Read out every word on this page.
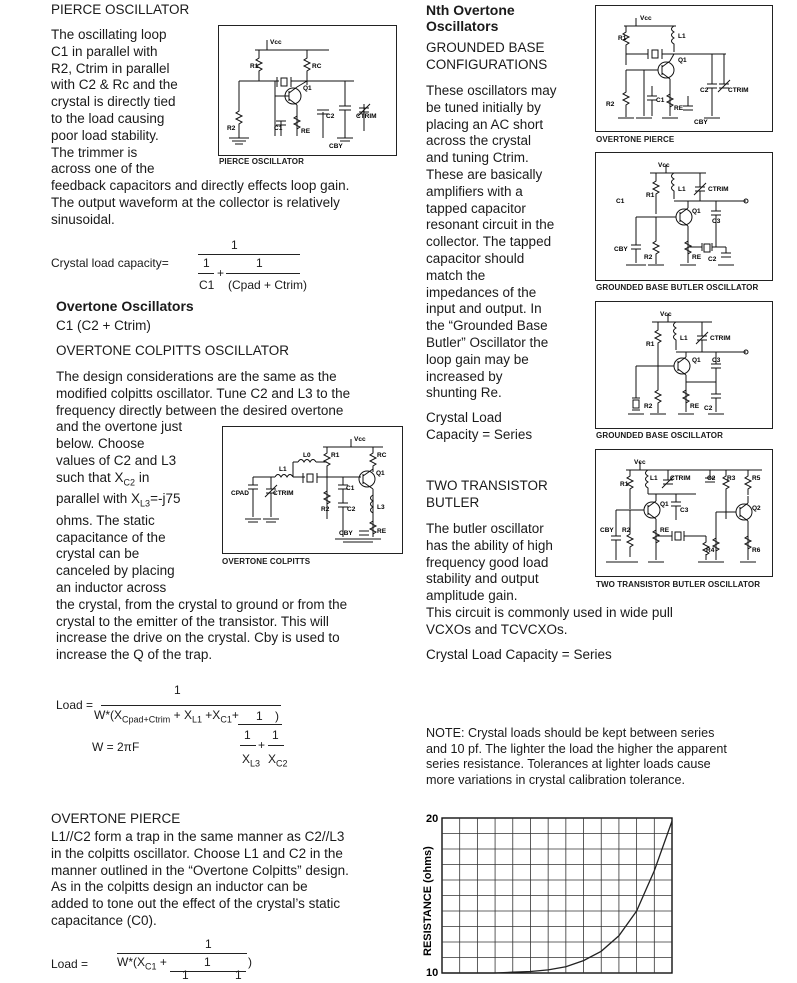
PIERCE OSCILLATOR
The oscillating loop
C1 in parallel with
R2, Ctrim in parallel
with C2 & Rc and the
crystal is directly tied
to the load causing
poor load stability.
The trimmer is
across one of the
feedback capacitors and directly effects loop gain.
The output waveform at the collector is relatively
sinusoidal.
Vcc
R1	RC
Q1
R2	C1	RE
C2	CTRIM
CBY
PIERCE OSCILLATOR
Crystal load capacity=
1
1	1
+
C1 (Cpad + Ctrim)
Overtone Oscillators
C1 (C2 + Ctrim)
OVERTONE COLPITTS OSCILLATOR
The design considerations are the same as the
modified colpitts oscillator. Tune C2 and L3 to the
frequency directly between the desired overtone
and the overtone just
below. Choose
values of C2 and L3
such that $X_{C2}$ in
parallel with $X_{L3}=-j75$
ohms. The static
capacitance of the
crystal can be
canceled by placing
an inductor across
the crystal, from the crystal to ground or from the
crystal to the emitter of the transistor. This will
increase the drive on the crystal. Cby is used to
increase the Q of the trap.
Vcc
R1	RC
L0
L1
Q1
C1
CPAD	CTRIM
R2	C2	L3
RE
CBY
OVERTONE COLPITTS
1
Load =
$W*(X_{Cpad+Ctrim} + X_{L1} +X_{C1}+ 1$ )
1 1
W = 2πF	+
$X_{L3}$ $X_{C2}$
OVERTONE PIERCE
L1//C2 form a trap in the same manner as C2//L3
in the colpitts oscillator. Choose L1 and C2 in the
manner outlined in the “Overtone Colpitts” design.
As in the colpitts design an inductor can be
added to tone out the effect of the crystal’s static
capacitance (C0).
1
Load = $W*(X_{C1}$ +	1	)
1	1
Nth Overtone
Oscillators
GROUNDED BASE
CONFIGURATIONS
These oscillators may
be tuned initially by
placing an AC short
across the crystal
and tuning Ctrim.
These are basically
amplifiers with a
tapped capacitor
resonant circuit in the
collector. The tapped
capacitor should
match the
impedances of the
input and output. In
the “Grounded Base
Butler” Oscillator the
loop gain may be
increased by
shunting Re.
Crystal Load
Capacity = Series
TWO TRANSISTOR
BUTLER
The butler oscillator
has the ability of high
frequency good load
stability and output
amplitude gain.
This circuit is commonly used in wide pull
VCXOs and TCVCXOs.
Crystal Load Capacity = Series
NOTE: Crystal loads should be kept between series
and 10 pf. The lighter the load the higher the apparent
series resistance. Tolerances at lighter loads cause
more variations in crystal calibration tolerance.
Vcc
R1	L1
Q1
R2
C1
RE
C2	CTRIM
CBY
OVERTONE PIERCE
Vcc
R1
L1	CTRIM
C1
Q1
C3
CBY
R2	RE C2
GROUNDED BASE BUTLER OSCILLATOR
Vcc
R1
L1	CTRIM
Q1 C3
R2	RE C2
GROUNDED BASE OSCILLATOR
Vcc
R1
L1 CTRIM	C2 R3	R5
Q1
C3	Q2
CBY R2	RE
R4	R6
TWO TRANSISTOR BUTLER OSCILLATOR
RESISTANCE (ohms)
20
10
